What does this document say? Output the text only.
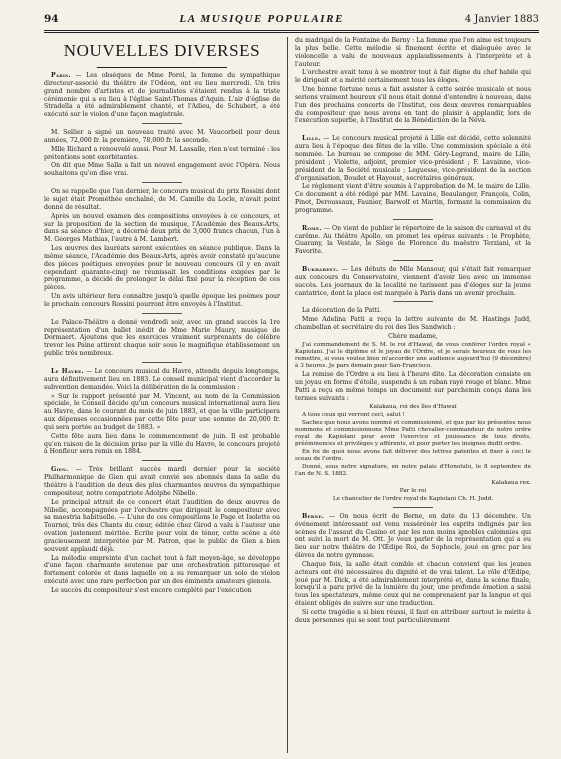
94	LA MUSIQUE POPULAIRE	4 Janvier 1883
NOUVELLES DIVERSES

Paris. — Les obsèques de Mme Porel, la femme du sympathique directeur-associé du théâtre de l'Odéon, ont eu lieu mercredi. Un très grand nombre d'artistes et de journalistes s'étaient rendus à la triste cérémonie qui a eu lieu à l'église Saint-Thomas d'Aquin. L'air d'église de Stradella a été admirablement chanté, et l'Adieu, de Schubert, a été exécuté sur le violon d'une façon magistrale.

M. Sellier a signé un nouveau traité avec M. Vaucorbeil pour deux années, 72,000 fr. la première, 78,000 fr. la seconde.

Mlle Richard a renouvelé aussi. Pour M. Lassalle, rien n'est terminé : les prétentions sont exorbitantes.

On dit que Mme Salla a fait un nouvel engagement avec l'Opéra. Nous souhaitons qu'on dise vrai.

On se rappelle que l'an dernier, le concours musical du prix Rossini dont le sujet était Prométhée enchaîné, de M. Camille du Locle, n'avait point donné de résultat.

Après un nouvel examen des compositions envoyées à ce concours, et sur la proposition de la section de musique, l'Académie des Beaux-Arts, dans sa séance d'hier, a décerné deux prix de 3,000 francs chacun, l'un à M. Georges Mathias, l'autre à M. Lambert.

Les œuvres des lauréats seront exécutées en séance publique. Dans la même séance, l'Académie des Beaux-Arts, après avoir constaté qu'aucune des pièces poétiques envoyées pour le nouveau concours (il y en avait cependant quarante-cinq) ne réunissait les conditions exigées par le programme, a décidé de prolonger le délai fixé pour la réception de ces pièces.

Un avis ultérieur fera connaître jusqu'à quelle époque les poèmes pour le prochain concours Rossini pourront être envoyés à l'Institut.

Le Palace-Théâtre a donné vendredi soir, avec un grand succès la 1re représentation d'un ballet inédit de Mme Marie Maury, musique de Dormaert. Ajoutons que les exercices vraiment surprenants de célèbre trevor les Paine attirent chaque soir sous le magnifique établissement un public très nombreux.

Le Havre. — Le concours musical du Havre, attendu depuis longtemps, aura définitivement lieu en 1883. Le conseil municipal vient d'accorder la subvention demandée. Voici la délibération de la commission :

« Sur le rapport présenté par M. Vincent, au nom de la Commission spéciale, le Conseil décide qu'un concours musical international aura lieu au Havre, dans le courant du mois de juin 1883, et que la ville participera aux dépenses occasionnées par cette fête pour une somme de 20,000 fr. qui sera portée au budget de 1883. »

Cette fête aura lieu dans le commencement de juin. Il est probable qu'en raison de la décision prise par la ville du Havre, le concours projeté à Honfleur sera remis en 1884.

Gien. — Très brillant succès mardi dernier pour la société Philharmonique de Gien qui avait convié ses abonnés dans la salle du théâtre à l'audition de deux des plus charmantes œuvres du sympathique compositeur, notre compatriote Adolphe Nibelle.

Le principal attrait de ce concert était l'audition de deux œuvres de Nibelle, accompagnées par l'orchestre que dirigeait le compositeur avec sa maestria habituelle. — L'une de ces compositions le Page et Isolette ou Tournoi, très des Chants du cœur, éditée chez Girod a valu à l'auteur une ovation justement méritée. Ecrite pour voix de ténor, cette scène a été gracieusement interprétée par M. Patron, que le public de Gien a bien souvent applaudi déjà.

La mélodie empreinte d'un cachet tout à fait moyen-âge, se développe d'une façon charmante soutenue par une orchestration pittoresque et fortement colorée et dans laquelle on a su remarquer un solo de violon exécuté avec une rare perfection par un des éminents amateurs gienois.

Le succès du compositeur s'est encore complété par l'exécution

du madrigal de la Fontaine de Berny : La femme que l'on aime est toujours la plus belle. Cette mélodie si finement écrite et dialoguée avec le violoncelle a valu de nouveaux applaudissements à l'interprète et à l'auteur.

L'orchestre avait tenu à se montrer tout à fait digne du chef habile qui le dirigeait et a mérité certainement tous les éloges.

Une bonne fortune nous a fait assister à cette soirée musicale et nous serions vraiment heureux s'il nous était donné d'entendre à nouveau, dans l'un des prochains concerts de l'Institut, ces deux œuvres remarquables du compositeur que nous avons en tant de plaisir à applaudir, lors de l'exécution superbe, à l'Institut de la Bénédiction de la Néva.

Lille. — Le concours musical projeté à Lille est décidé, cette solennité aura lieu à l'époque des fêtes de la ville. Une commission spéciale a été nommée. Le bureau se compose de MM. Géry-Legrand, maire de Lille, président ; Violette, adjoint, premier vice-président ; F. Lavainne, vice-président de la Société musicale ; Leguesse, vice-président de la section d'organisation, Boudet et Hayoust, secrétaires généraux.

Le règlement vient d'être soumis à l'approbation de M. le maire de Lille. Ce document a été rédigé par MM. Lavaine, Beaulanger, François, Colin, Pinot, Deroussaux, Faunier, Barwolf et Martin, formant la commission du programme.

Rome. — On vient de publier le répertoire de la saison du carnaval et du carême. Au théâtre Apollo, on promet les opéras suivants : le Prophète, Guarany, la Vestale, le Siège de Florence du maëstro Terziani, et la Favorite.

Bukharest. — Les débuts de Mlle Mansour, qui s'était fait remarquer aux concours du Conservatoire, viennent d'avoir lieu avec un immense succès. Les journaux de la localité ne tarissent pas d'éloges sur la jeune cantatrice, dont la place est marquée à Paris dans un avenir prochain.

La décoration de la Patti.

Mme Adelina Patti a reçu la lettre suivante de M. Hastings Judd, chambellan et secrétaire du roi des îles Sandwich :

Chère madame,

J'ai commandement de S. M. le roi d'Hawaï, de vous conférer l'ordre royal « Kapiolani. J'ai le diplôme et le joyau de l'Ordre, et je serais heureux de vous les remettre, si vous voulez bien m'accorder une audience aujourd'hui (9 décembre) à 3 heures. Je pars demain pour San-Francisco.

La remise de l'Ordre a eu lieu à l'heure dite. La décoration consiste en un joyau en forme d'étoile, suspendu à un ruban rayé rouge et blanc. Mme Patti a reçu en même temps un document sur parchemin conçu dans les termes suivants :

Kalakaua, roi des îles d'Hawaï

A tous ceux qui verront ceci, salut !

Sachez que nous avons nommé et commissionné, et que par les présentes nous nommons et commissionnons Mme Patti chevalier-commandeur de notre ordre royal de Kapiolani pour avoir l'exercice et jouissance de tous droits, prééminences et privilèges y afférents, et pour porter les insignes dudit ordre.

En foi de quoi nous avons fait délivrer des lettres patentes et fixer à ceci le sceau de l'ordre.

Donné, sous notre signature, en notre palais d'Honolulu, le 8 septembre de l'an de N. S. 1882.

Kalakaua rex.

Par le roi

Le chancelier de l'ordre royal de Kapiolani Ch. H. Judd.

Berne. — On nous écrit de Berne, en date du 13 décembre. Un événement intéressant est venu rassérénér les esprits indignés par les scènes de l'assaut du Casino et par les non moins ignobles calomnies qui ont suivi la mort de M. Ott. Je veux parler de la représentation qui a eu lieu sur notre théâtre de l'Œdipe Roi, de Sophocle, joué en grec par les élèves de notre gymnase.

Chaque fois, la salle était comble et chacun convient que les jeunes acteurs ont été nécessaires du dignité et de vrai talent. Le rôle d'Œdipe, joué par M. Dick, a été admirablement interprété et, dans la scène finale, lorsqu'il a paru privé de la lumière du jour, une profonde émotion a saisi tous les spectateurs, même ceux qui ne comprenaient par la langue et qui étaient obligés de suivre sur une traduction.

Si cette tragédie a si bien réussi, il faut en attribuer surtout le mérite à deux personnes qui se sont tout particulièrement
